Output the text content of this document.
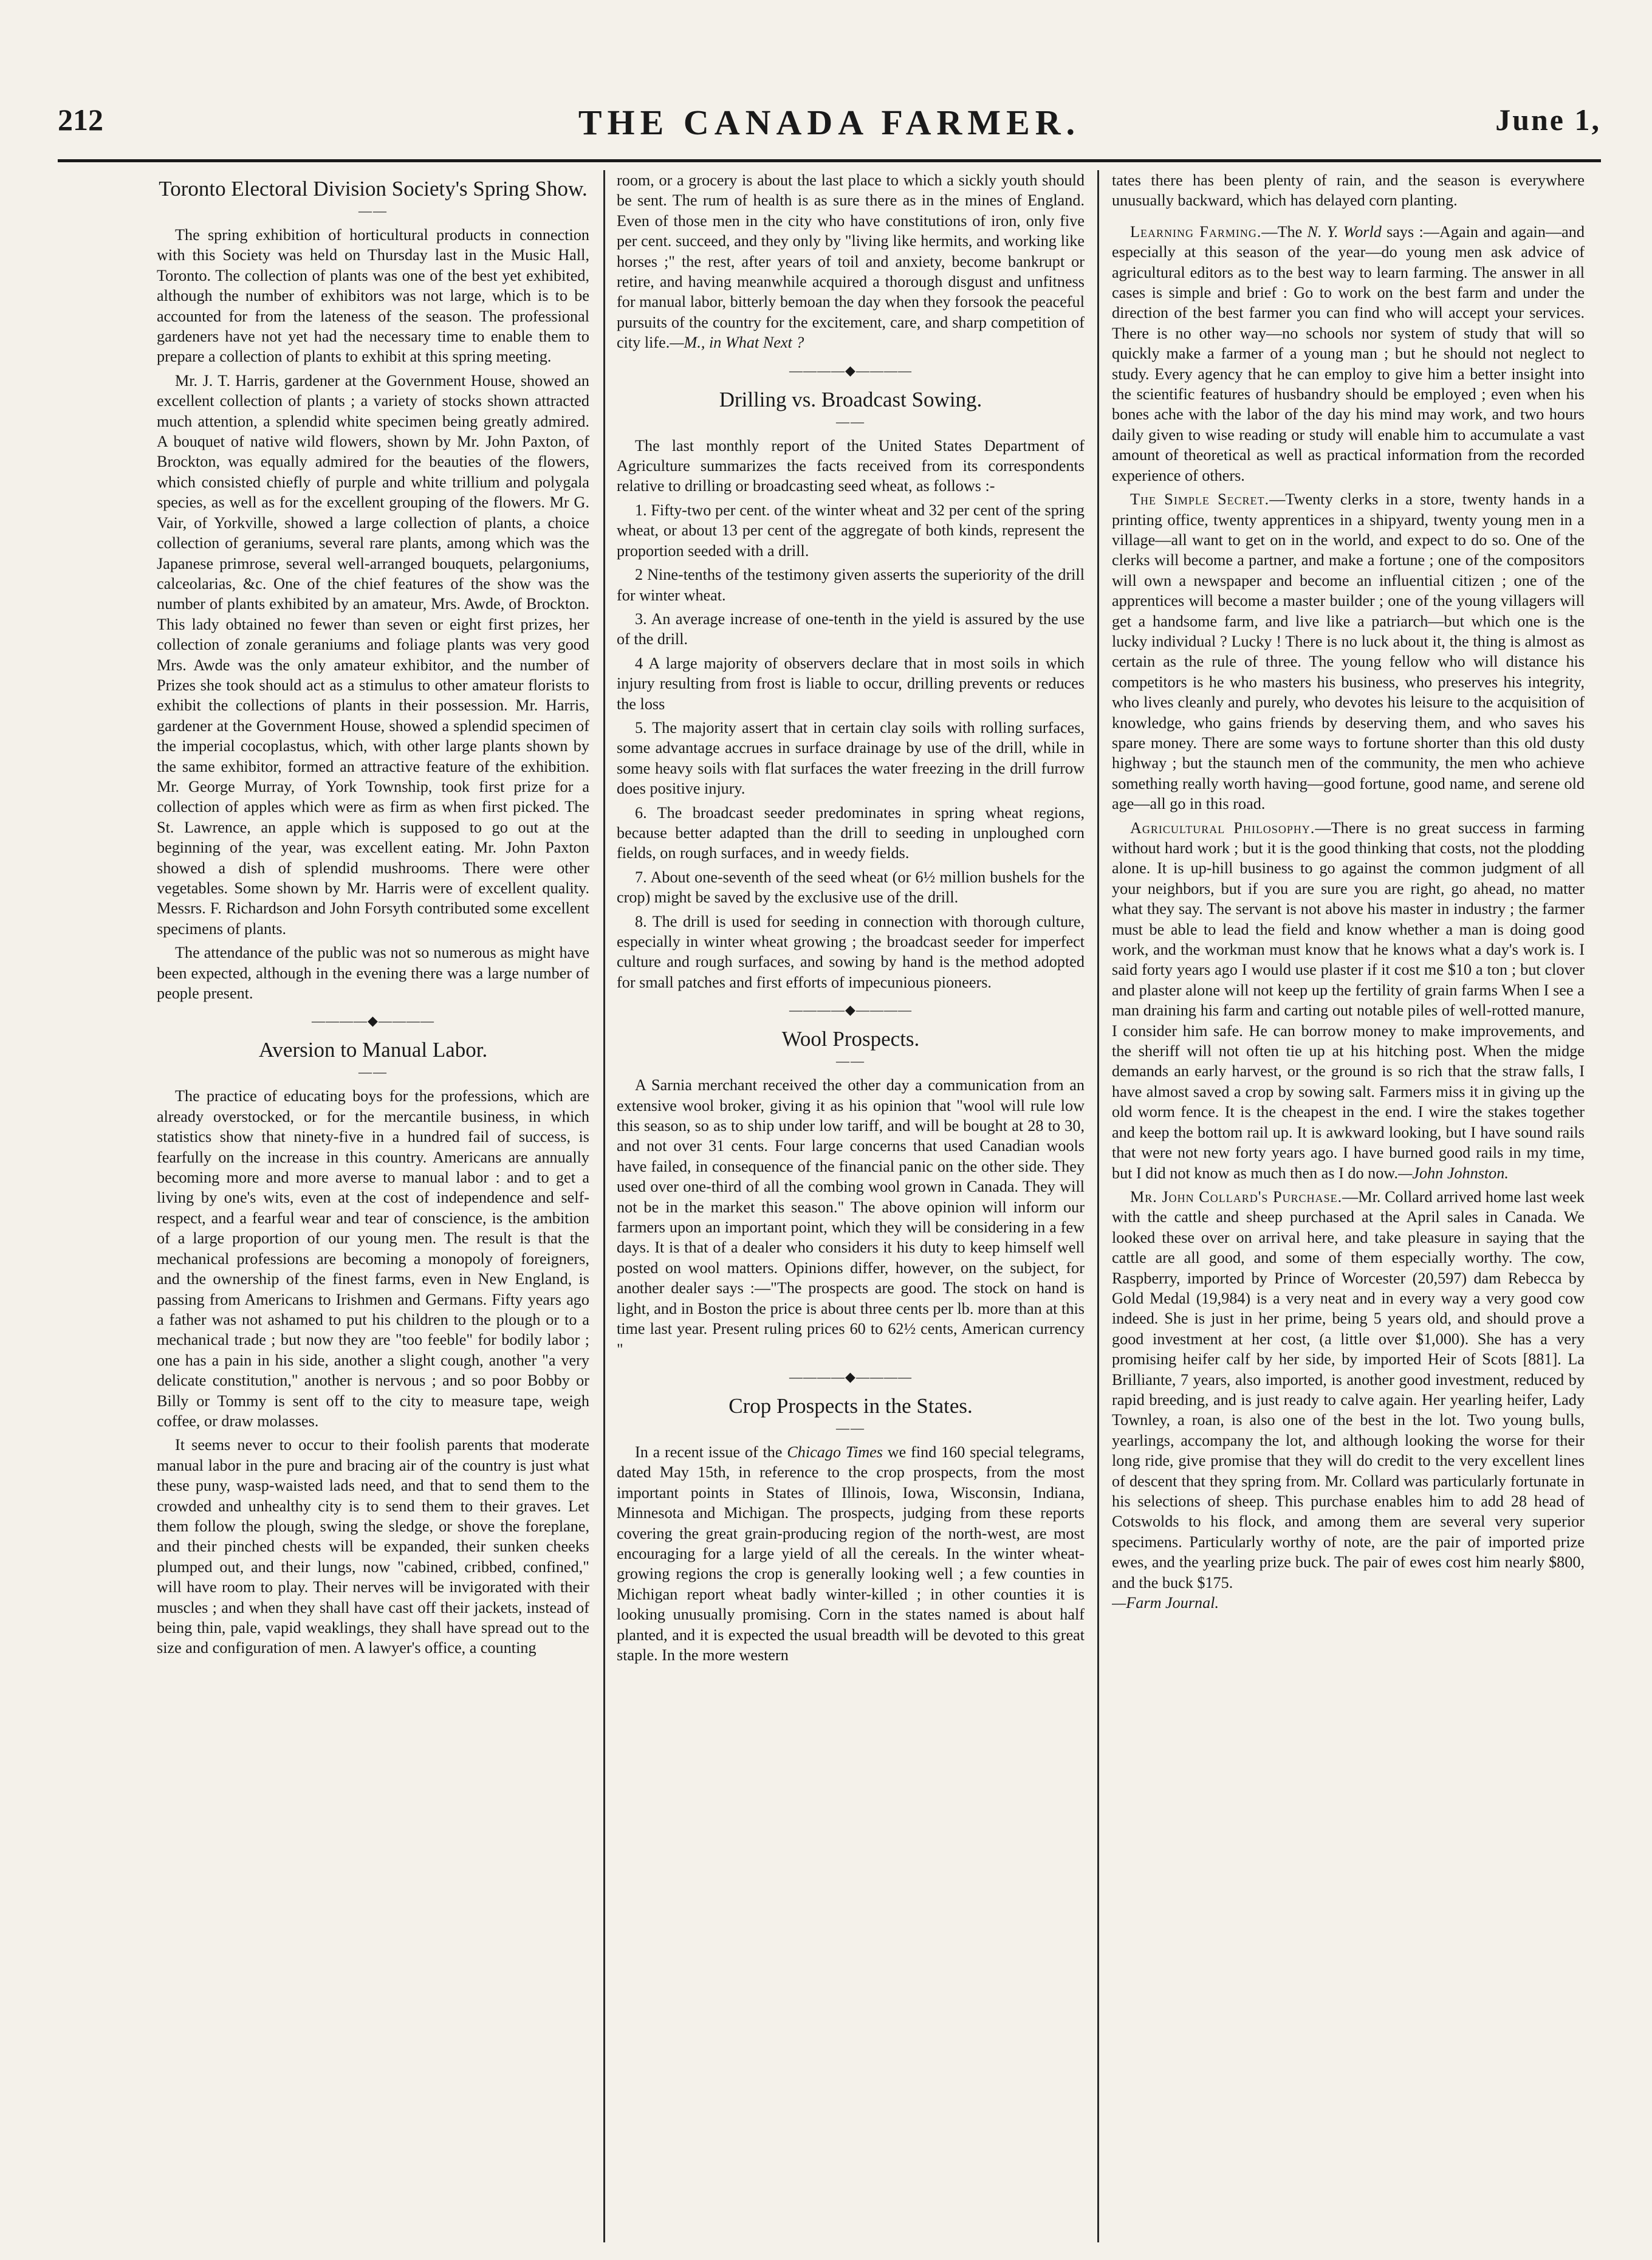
212	THE CANADA FARMER.	June 1,
Toronto Electoral Division Society's Spring Show.
——

The spring exhibition of horticultural products in connection with this Society was held on Thursday last in the Music Hall, Toronto. The collection of plants was one of the best yet exhibited, although the number of exhibitors was not large, which is to be accounted for from the lateness of the season. The professional gardeners have not yet had the necessary time to enable them to prepare a collection of plants to exhibit at this spring meeting.

Mr. J. T. Harris, gardener at the Government House, showed an excellent collection of plants ; a variety of stocks shown attracted much attention, a splendid white specimen being greatly admired. A bouquet of native wild flowers, shown by Mr. John Paxton, of Brockton, was equally admired for the beauties of the flowers, which consisted chiefly of purple and white trillium and polygala species, as well as for the excellent grouping of the flowers. Mr G. Vair, of Yorkville, showed a large collection of plants, a choice collection of geraniums, several rare plants, among which was the Japanese primrose, several well-arranged bouquets, pelargoniums, calceolarias, &c. One of the chief features of the show was the number of plants exhibited by an amateur, Mrs. Awde, of Brockton. This lady obtained no fewer than seven or eight first prizes, her collection of zonale geraniums and foliage plants was very good Mrs. Awde was the only amateur exhibitor, and the number of Prizes she took should act as a stimulus to other amateur florists to exhibit the collections of plants in their possession. Mr. Harris, gardener at the Government House, showed a splendid specimen of the imperial cocoplastus, which, with other large plants shown by the same exhibitor, formed an attractive feature of the exhibition. Mr. George Murray, of York Township, took first prize for a collection of apples which were as firm as when first picked. The St. Lawrence, an apple which is supposed to go out at the beginning of the year, was excellent eating. Mr. John Paxton showed a dish of splendid mushrooms. There were other vegetables. Some shown by Mr. Harris were of excellent quality. Messrs. F. Richardson and John Forsyth contributed some excellent specimens of plants.

The attendance of the public was not so numerous as might have been expected, although in the evening there was a large number of people present.

————◆————
Aversion to Manual Labor.
——

The practice of educating boys for the professions, which are already overstocked, or for the mercantile business, in which statistics show that ninety-five in a hundred fail of success, is fearfully on the increase in this country. Americans are annually becoming more and more averse to manual labor : and to get a living by one's wits, even at the cost of independence and self-respect, and a fearful wear and tear of conscience, is the ambition of a large proportion of our young men. The result is that the mechanical professions are becoming a monopoly of foreigners, and the ownership of the finest farms, even in New England, is passing from Americans to Irishmen and Germans. Fifty years ago a father was not ashamed to put his children to the plough or to a mechanical trade ; but now they are "too feeble" for bodily labor ; one has a pain in his side, another a slight cough, another "a very delicate constitution," another is nervous ; and so poor Bobby or Billy or Tommy is sent off to the city to measure tape, weigh coffee, or draw molasses.

It seems never to occur to their foolish parents that moderate manual labor in the pure and bracing air of the country is just what these puny, wasp-waisted lads need, and that to send them to the crowded and unhealthy city is to send them to their graves. Let them follow the plough, swing the sledge, or shove the foreplane, and their pinched chests will be expanded, their sunken cheeks plumped out, and their lungs, now "cabined, cribbed, confined," will have room to play. Their nerves will be invigorated with their muscles ; and when they shall have cast off their jackets, instead of being thin, pale, vapid weaklings, they shall have spread out to the size and configuration of men. A lawyer's office, a counting

room, or a grocery is about the last place to which a sickly youth should be sent. The rum of health is as sure there as in the mines of England. Even of those men in the city who have constitutions of iron, only five per cent. succeed, and they only by "living like hermits, and working like horses ;" the rest, after years of toil and anxiety, become bankrupt or retire, and having meanwhile acquired a thorough disgust and unfitness for manual labor, bitterly bemoan the day when they forsook the peaceful pursuits of the country for the excitement, care, and sharp competition of city life.—M., in What Next ?

————◆————
Drilling vs. Broadcast Sowing.
——

The last monthly report of the United States Department of Agriculture summarizes the facts received from its correspondents relative to drilling or broadcasting seed wheat, as follows :-

1. Fifty-two per cent. of the winter wheat and 32 per cent of the spring wheat, or about 13 per cent of the aggregate of both kinds, represent the proportion seeded with a drill.

2 Nine-tenths of the testimony given asserts the superiority of the drill for winter wheat.

3. An average increase of one-tenth in the yield is assured by the use of the drill.

4 A large majority of observers declare that in most soils in which injury resulting from frost is liable to occur, drilling prevents or reduces the loss

5. The majority assert that in certain clay soils with rolling surfaces, some advantage accrues in surface drainage by use of the drill, while in some heavy soils with flat surfaces the water freezing in the drill furrow does positive injury.

6. The broadcast seeder predominates in spring wheat regions, because better adapted than the drill to seeding in unploughed corn fields, on rough surfaces, and in weedy fields.

7. About one-seventh of the seed wheat (or 6½ million bushels for the crop) might be saved by the exclusive use of the drill.

8. The drill is used for seeding in connection with thorough culture, especially in winter wheat growing ; the broadcast seeder for imperfect culture and rough surfaces, and sowing by hand is the method adopted for small patches and first efforts of impecunious pioneers.

————◆————
Wool Prospects.
——

A Sarnia merchant received the other day a communication from an extensive wool broker, giving it as his opinion that "wool will rule low this season, so as to ship under low tariff, and will be bought at 28 to 30, and not over 31 cents. Four large concerns that used Canadian wools have failed, in consequence of the financial panic on the other side. They used over one-third of all the combing wool grown in Canada. They will not be in the market this season." The above opinion will inform our farmers upon an important point, which they will be considering in a few days. It is that of a dealer who considers it his duty to keep himself well posted on wool matters. Opinions differ, however, on the subject, for another dealer says :—"The prospects are good. The stock on hand is light, and in Boston the price is about three cents per lb. more than at this time last year. Present ruling prices 60 to 62½ cents, American currency "

————◆————
Crop Prospects in the States.
——

In a recent issue of the Chicago Times we find 160 special telegrams, dated May 15th, in reference to the crop prospects, from the most important points in States of Illinois, Iowa, Wisconsin, Indiana, Minnesota and Michigan. The prospects, judging from these reports covering the great grain-producing region of the north-west, are most encouraging for a large yield of all the cereals. In the winter wheat-growing regions the crop is generally looking well ; a few counties in Michigan report wheat badly winter-killed ; in other counties it is looking unusually promising. Corn in the states named is about half planted, and it is expected the usual breadth will be devoted to this great staple. In the more western

tates there has been plenty of rain, and the season is everywhere unusually backward, which has delayed corn planting.

Learning Farming.—The N. Y. World says :—Again and again—and especially at this season of the year—do young men ask advice of agricultural editors as to the best way to learn farming. The answer in all cases is simple and brief : Go to work on the best farm and under the direction of the best farmer you can find who will accept your services. There is no other way—no schools nor system of study that will so quickly make a farmer of a young man ; but he should not neglect to study. Every agency that he can employ to give him a better insight into the scientific features of husbandry should be employed ; even when his bones ache with the labor of the day his mind may work, and two hours daily given to wise reading or study will enable him to accumulate a vast amount of theoretical as well as practical information from the recorded experience of others.

The Simple Secret.—Twenty clerks in a store, twenty hands in a printing office, twenty apprentices in a shipyard, twenty young men in a village—all want to get on in the world, and expect to do so. One of the clerks will become a partner, and make a fortune ; one of the compositors will own a newspaper and become an influential citizen ; one of the apprentices will become a master builder ; one of the young villagers will get a handsome farm, and live like a patriarch—but which one is the lucky individual ? Lucky ! There is no luck about it, the thing is almost as certain as the rule of three. The young fellow who will distance his competitors is he who masters his business, who preserves his integrity, who lives cleanly and purely, who devotes his leisure to the acquisition of knowledge, who gains friends by deserving them, and who saves his spare money. There are some ways to fortune shorter than this old dusty highway ; but the staunch men of the community, the men who achieve something really worth having—good fortune, good name, and serene old age—all go in this road.

Agricultural Philosophy.—There is no great success in farming without hard work ; but it is the good thinking that costs, not the plodding alone. It is up-hill business to go against the common judgment of all your neighbors, but if you are sure you are right, go ahead, no matter what they say. The servant is not above his master in industry ; the farmer must be able to lead the field and know whether a man is doing good work, and the workman must know that he knows what a day's work is. I said forty years ago I would use plaster if it cost me $10 a ton ; but clover and plaster alone will not keep up the fertility of grain farms When I see a man draining his farm and carting out notable piles of well-rotted manure, I consider him safe. He can borrow money to make improvements, and the sheriff will not often tie up at his hitching post. When the midge demands an early harvest, or the ground is so rich that the straw falls, I have almost saved a crop by sowing salt. Farmers miss it in giving up the old worm fence. It is the cheapest in the end. I wire the stakes together and keep the bottom rail up. It is awkward looking, but I have sound rails that were not new forty years ago. I have burned good rails in my time, but I did not know as much then as I do now.—John Johnston.

Mr. John Collard's Purchase.—Mr. Collard arrived home last week with the cattle and sheep purchased at the April sales in Canada. We looked these over on arrival here, and take pleasure in saying that the cattle are all good, and some of them especially worthy. The cow, Raspberry, imported by Prince of Worcester (20,597) dam Rebecca by Gold Medal (19,984) is a very neat and in every way a very good cow indeed. She is just in her prime, being 5 years old, and should prove a good investment at her cost, (a little over $1,000). She has a very promising heifer calf by her side, by imported Heir of Scots [881]. La Brilliante, 7 years, also imported, is another good investment, reduced by rapid breeding, and is just ready to calve again. Her yearling heifer, Lady Townley, a roan, is also one of the best in the lot. Two young bulls, yearlings, accompany the lot, and although looking the worse for their long ride, give promise that they will do credit to the very excellent lines of descent that they spring from. Mr. Collard was particularly fortunate in his selections of sheep. This purchase enables him to add 28 head of Cotswolds to his flock, and among them are several very superior specimens. Particularly worthy of note, are the pair of imported prize ewes, and the yearling prize buck. The pair of ewes cost him nearly $800, and the buck $175.
—Farm Journal.
